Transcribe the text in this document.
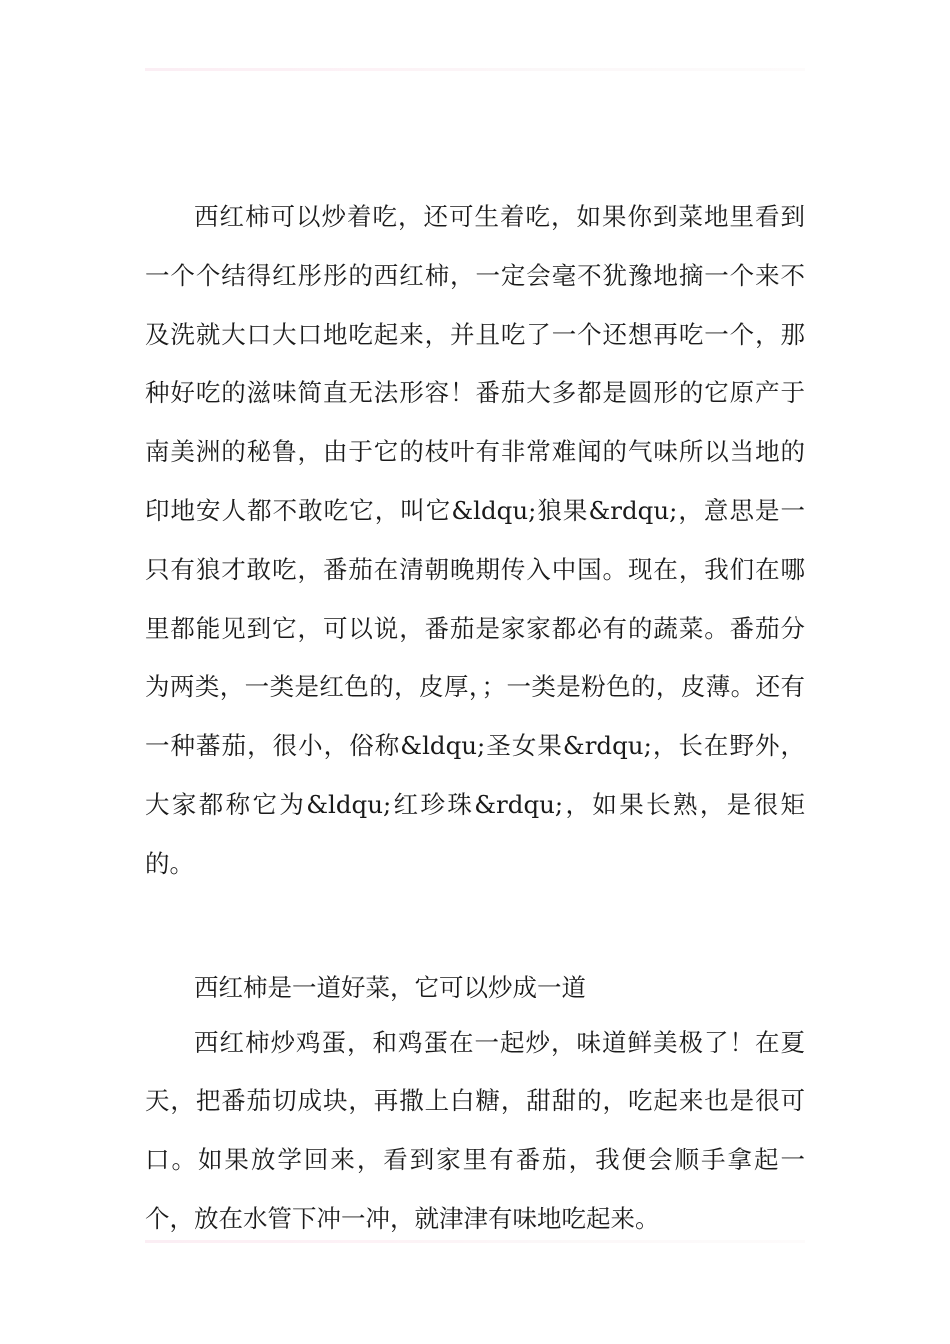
西红柿可以炒着吃，还可生着吃，如果你到菜地里看到一个个结得红彤彤的西红柿，一定会毫不犹豫地摘一个来不及洗就大口大口地吃起来，并且吃了一个还想再吃一个，那种好吃的滋味简直无法形容！番茄大多都是圆形的它原产于南美洲的秘鲁，由于它的枝叶有非常难闻的气味所以当地的印地安人都不敢吃它，叫它&ldqu;狼果&rdqu;，意思是一只有狼才敢吃，番茄在清朝晚期传入中国。现在，我们在哪里都能见到它，可以说，番茄是家家都必有的蔬菜。番茄分为两类，一类是红色的，皮厚，；一类是粉色的，皮薄。还有一种蕃茄，很小，俗称&ldqu;圣女果&rdqu;，长在野外，大家都称它为&ldqu;红珍珠&rdqu;，如果长熟，是很矩的。

西红柿是一道好菜，它可以炒成一道

西红柿炒鸡蛋，和鸡蛋在一起炒，味道鲜美极了！在夏天，把番茄切成块，再撒上白糖，甜甜的，吃起来也是很可口。如果放学回来，看到家里有番茄，我便会顺手拿起一个，放在水管下冲一冲，就津津有味地吃起来。
